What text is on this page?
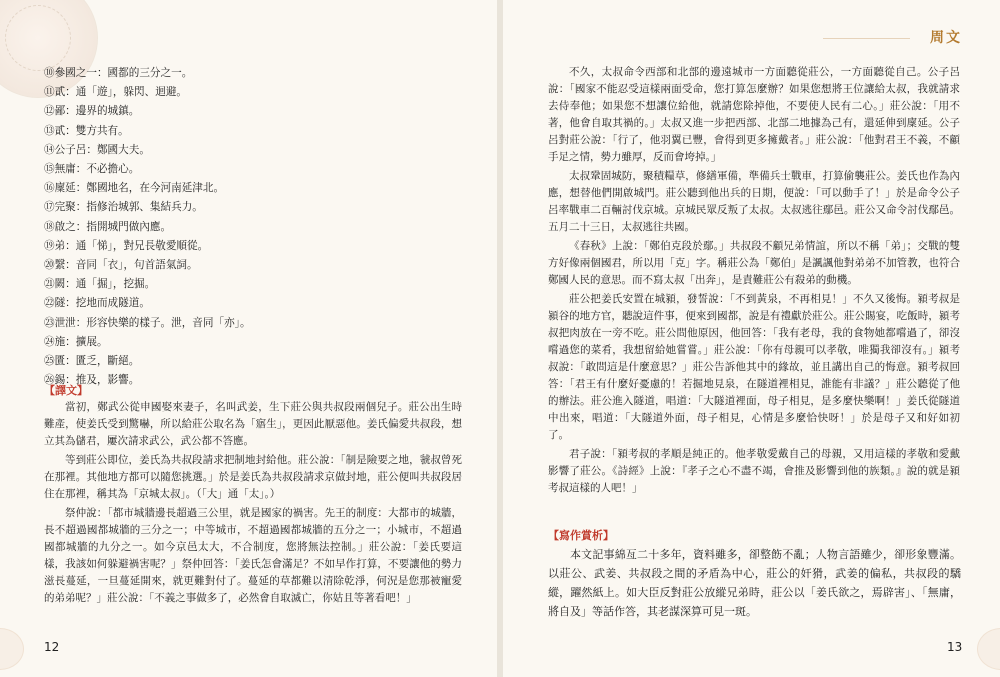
⑩參國之一：國都的三分之一。
⑪貳：通「遊」，躲閃、迴避。
⑫鄙：邊界的城鎮。
⑬貳：雙方共有。
⑭公子呂：鄭國大夫。
⑮無庸：不必擔心。
⑯廩延：鄭國地名，在今河南延津北。
⑰完聚：指修治城郭、集結兵力。
⑱啟之：指開城門做內應。
⑲弟：通「悌」，對兄長敬愛順從。
⑳繄：音同「衣」，句首語氣詞。
㉑闕：通「掘」，挖掘。
㉒隧：挖地而成隧道。
㉓泄泄：形容快樂的樣子。泄，音同「亦」。
㉔施：擴展。
㉕匱：匱乏，斷絕。
㉖錫：推及，影響。
【譯文】

當初，鄭武公從申國娶來妻子，名叫武姜，生下莊公與共叔段兩個兒子。莊公出生時難產，使姜氏受到驚嚇，所以給莊公取名為「寤生」，更因此厭惡他。姜氏偏愛共叔段，想立其為儲君，屢次請求武公，武公都不答應。

等到莊公即位，姜氏為共叔段請求把制地封給他。莊公說：「制是險要之地，虢叔曾死在那裡。其他地方都可以隨您挑選。」於是姜氏為共叔段請求京做封地，莊公便叫共叔段居住在那裡，稱其為「京城太叔」。（「大」通「太」。）

祭仲說：「都市城牆邊長超過三公里，就是國家的禍害。先王的制度：大都市的城牆，長不超過國都城牆的三分之一；中等城市，不超過國都城牆的五分之一；小城市，不超過國都城牆的九分之一。如今京邑太大，不合制度，您將無法控制。」莊公說：「姜氏要這樣，我該如何躲避禍害呢？」祭仲回答：「姜氏怎會滿足？不如早作打算，不要讓他的勢力滋長蔓延，一旦蔓延開來，就更難對付了。蔓延的草都難以清除乾淨，何況是您那被寵愛的弟弟呢？」莊公說：「不義之事做多了，必然會自取滅亡，你姑且等著看吧！」

12
周文

不久，太叔命令西部和北部的邊遠城市一方面聽從莊公，一方面聽從自己。公子呂說：「國家不能忍受這樣兩面受命，您打算怎麼辦？如果您想將王位讓給太叔，我就請求去侍奉他；如果您不想讓位給他，就請您除掉他，不要使人民有二心。」莊公說：「用不著，他會自取其禍的。」太叔又進一步把西部、北部二地據為己有，還延伸到廩延。公子呂對莊公說：「行了，他羽翼已豐，會得到更多擁戴者。」莊公說：「他對君王不義，不顧手足之情，勢力雖厚，反而會垮掉。」

太叔鞏固城防，聚積糧草，修繕軍備，準備兵士戰車，打算偷襲莊公。姜氏也作為內應，想替他們開啟城門。莊公聽到他出兵的日期，便說：「可以動手了！」於是命令公子呂率戰車二百輛討伐京城。京城民眾反叛了太叔。太叔逃往鄢邑。莊公又命令討伐鄢邑。五月二十三日，太叔逃往共國。

《春秋》上說：「鄭伯克段於鄢。」共叔段不顧兄弟情誼，所以不稱「弟」；交戰的雙方好像兩個國君，所以用「克」字。稱莊公為「鄭伯」是諷諷他對弟弟不加管教，也符合鄭國人民的意思。而不寫太叔「出奔」，是責難莊公有殺弟的動機。

莊公把姜氏安置在城潁，發誓說：「不到黃泉，不再相見！」不久又後悔。潁考叔是潁谷的地方官，聽說這件事，便來到國都，說是有禮獻於莊公。莊公賜宴，吃飯時，潁考叔把肉放在一旁不吃。莊公問他原因，他回答：「我有老母，我的食物她都嚐過了，卻沒嚐過您的菜肴，我想留給她嘗嘗。」莊公說：「你有母親可以孝敬，唯獨我卻沒有。」潁考叔說：「敢問這是什麼意思？」莊公告訴他其中的緣故，並且講出自己的悔意。潁考叔回答：「君王有什麼好憂慮的！若掘地見泉，在隧道裡相見，誰能有非議？」莊公聽從了他的辦法。莊公進入隧道，唱道：「大隧道裡面，母子相見，是多麼快樂啊！」姜氏從隧道中出來，唱道：「大隧道外面，母子相見，心情是多麼恰快呀！」於是母子又和好如初了。

君子說：「潁考叔的孝順是純正的。他孝敬愛戴自己的母親，又用這樣的孝敬和愛戴影響了莊公。《詩經》上說：『孝子之心不盡不竭，會推及影響到他的族類。』說的就是潁考叔這樣的人吧！」

【寫作賞析】

本文記事綿亙二十多年，資料雖多，卻整飭不亂；人物言語雖少，卻形象豐滿。以莊公、武姜、共叔段之間的矛盾為中心，莊公的奸猾，武姜的偏私，共叔段的驕縱，躍然紙上。如大臣反對莊公放縱兄弟時，莊公以「姜氏欲之，焉辟害」、「無庸，將自及」等話作答，其老謀深算可見一斑。

13
